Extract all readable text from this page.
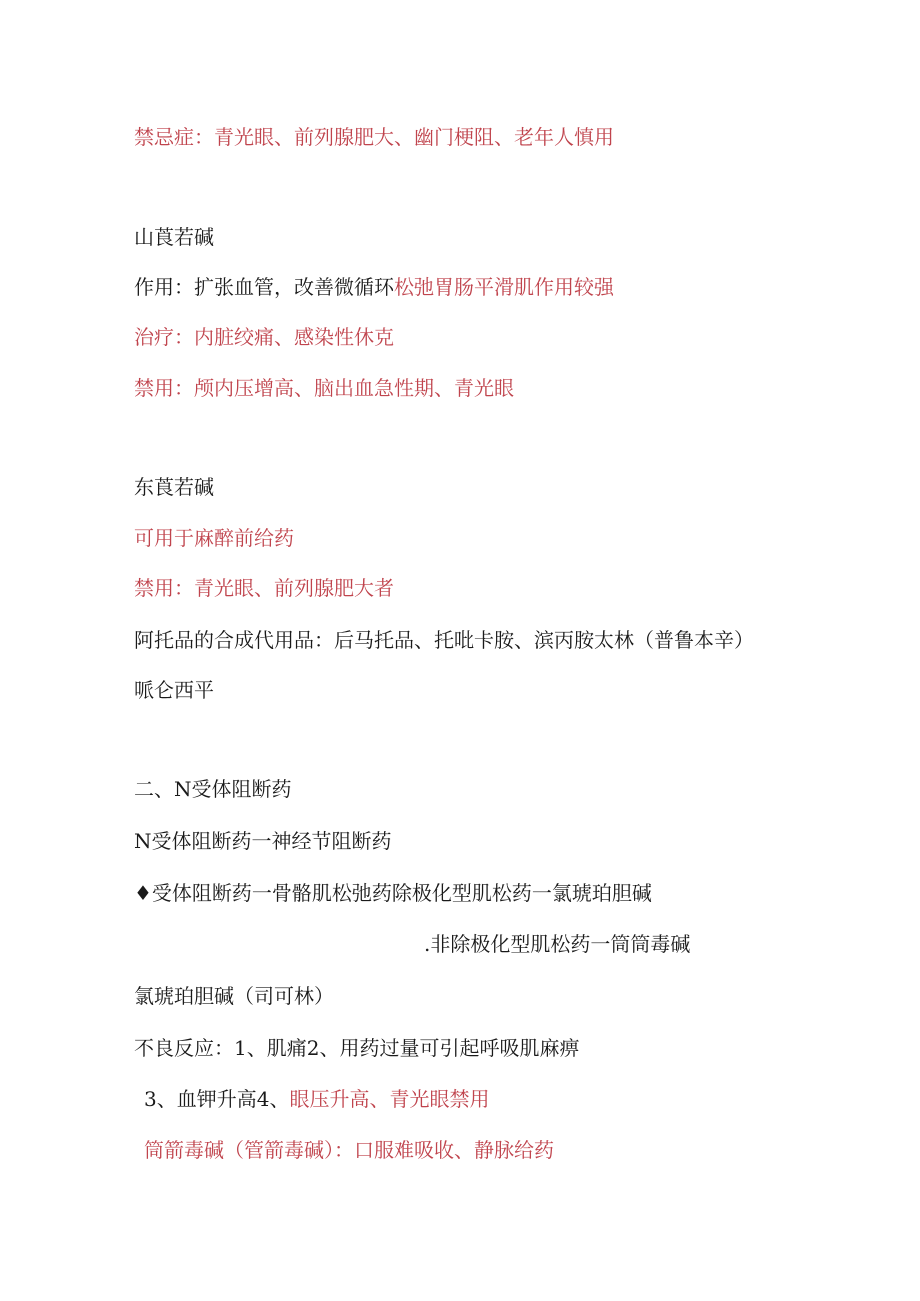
禁忌症：青光眼、前列腺肥大、幽门梗阻、老年人慎用
山莨若碱
作用：扩张血管，改善微循环松弛胃肠平滑肌作用较强
治疗：内脏绞痛、感染性休克
禁用：颅内压增高、脑出血急性期、青光眼
东莨若碱
可用于麻醉前给药
禁用：青光眼、前列腺肥大者
阿托品的合成代用品：后马托品、托吡卡胺、滨丙胺太林（普鲁本辛）
哌仑西平
二、N受体阻断药
N受体阻断药一神经节阻断药
♦受体阻断药一骨骼肌松弛药除极化型肌松药一氯琥珀胆碱
.非除极化型肌松药一筒筒毒碱
氯琥珀胆碱（司可林）
不良反应：1、肌痛2、用药过量可引起呼吸肌麻痹
3、血钾升高4、眼压升高、青光眼禁用
筒箭毒碱（管箭毒碱）：口服难吸收、静脉给药
